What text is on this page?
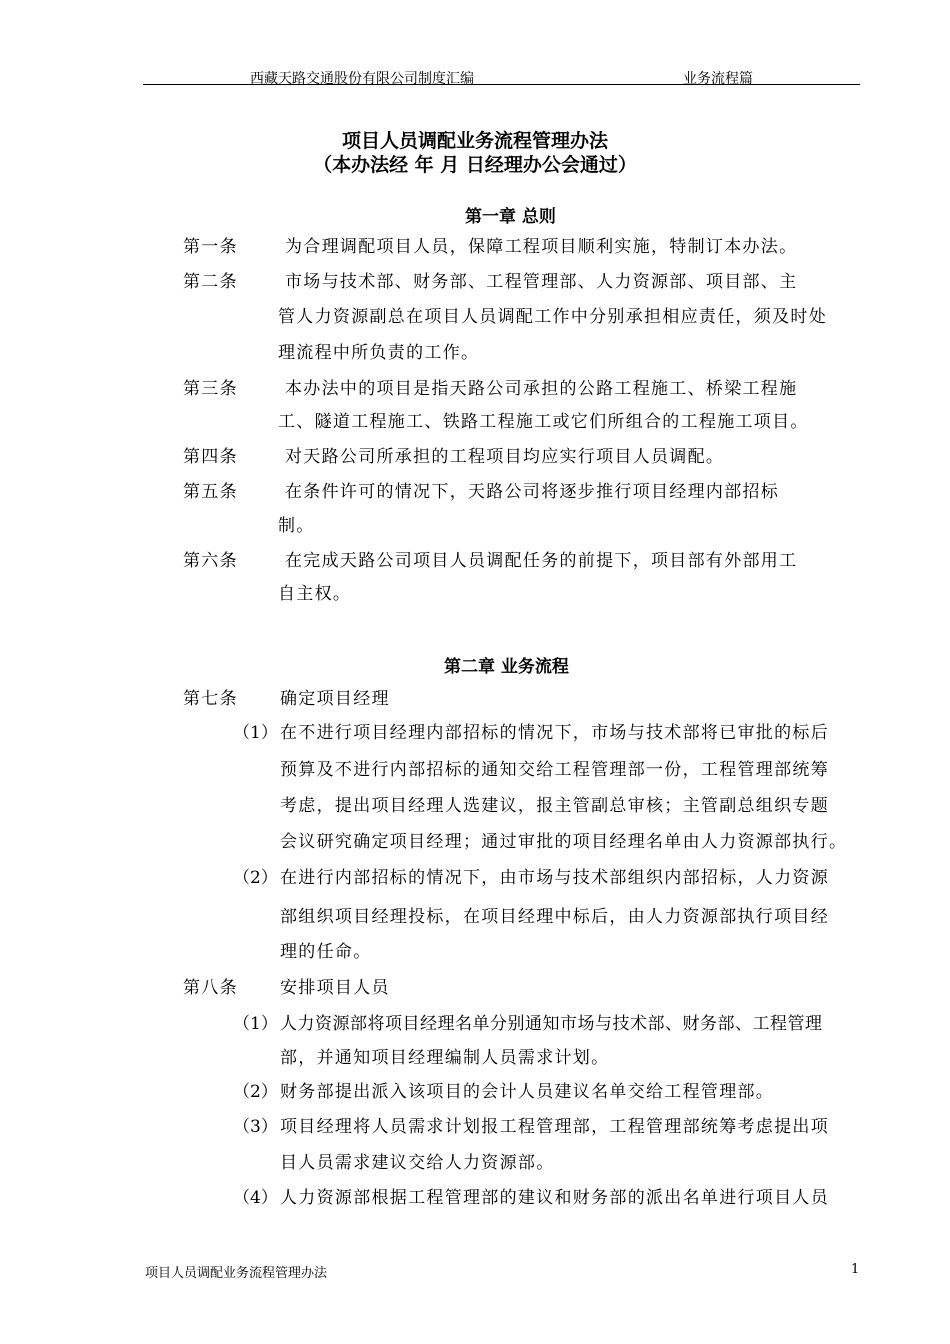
西藏天路交通股份有限公司制度汇编	业务流程篇
项目人员调配业务流程管理办法
（本办法经 年 月 日经理办公会通过）
第一章 总则
第一条	为合理调配项目人员，保障工程项目顺利实施，特制订本办法。
第二条	市场与技术部、财务部、工程管理部、人力资源部、项目部、主
管人力资源副总在项目人员调配工作中分别承担相应责任，须及时处
理流程中所负责的工作。
第三条	本办法中的项目是指天路公司承担的公路工程施工、桥梁工程施
工、隧道工程施工、铁路工程施工或它们所组合的工程施工项目。
第四条	对天路公司所承担的工程项目均应实行项目人员调配。
第五条	在条件许可的情况下，天路公司将逐步推行项目经理内部招标
制。
第六条	在完成天路公司项目人员调配任务的前提下，项目部有外部用工
自主权。
第二章 业务流程
第七条 确定项目经理
（1） 在不进行项目经理内部招标的情况下，市场与技术部将已审批的标后
预算及不进行内部招标的通知交给工程管理部一份，工程管理部统筹
考虑，提出项目经理人选建议，报主管副总审核；主管副总组织专题
会议研究确定项目经理；通过审批的项目经理名单由人力资源部执行。
（2） 在进行内部招标的情况下，由市场与技术部组织内部招标，人力资源
部组织项目经理投标，在项目经理中标后，由人力资源部执行项目经
理的任命。
第八条 安排项目人员
（1） 人力资源部将项目经理名单分别通知市场与技术部、财务部、工程管理
部，并通知项目经理编制人员需求计划。
（2） 财务部提出派入该项目的会计人员建议名单交给工程管理部。
（3） 项目经理将人员需求计划报工程管理部，工程管理部统筹考虑提出项
目人员需求建议交给人力资源部。
（4） 人力资源部根据工程管理部的建议和财务部的派出名单进行项目人员
项目人员调配业务流程管理办法	1
